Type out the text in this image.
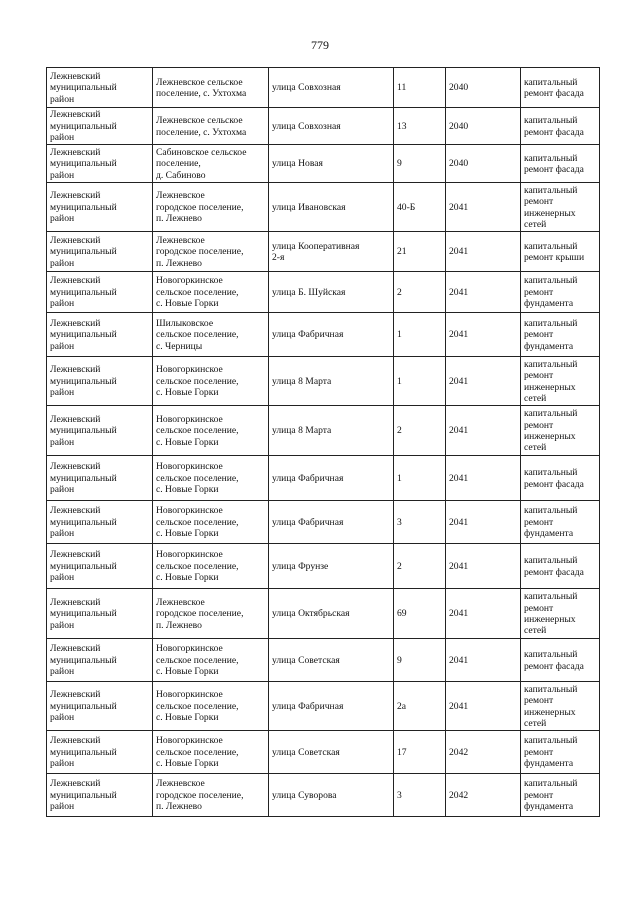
779
Лежневский
муниципальный
район	Лежневское сельское
поселение, с. Ухтохма	улица Совхозная	11	2040	капитальный
ремонт фасада

Лежневский
муниципальный
район	Лежневское сельское
поселение, с. Ухтохма	улица Совхозная	13	2040	капитальный
ремонт фасада

Лежневский
муниципальный
район	Сабиновское сельское
поселение,
д. Сабиново	улица Новая	9	2040	капитальный
ремонт фасада

Лежневский
муниципальный
район	Лежневское
городское поселение,
п. Лежнево	улица Ивановская	40-Б	2041	капитальный
ремонт
инженерных
сетей

Лежневский
муниципальный
район	Лежневское
городское поселение,
п. Лежнево	улица Кооперативная
2-я	21	2041	капитальный
ремонт крыши

Лежневский
муниципальный
район	Новогоркинское
сельское поселение,
с. Новые Горки	улица Б. Шуйская	2	2041	капитальный
ремонт
фундамента

Лежневский
муниципальный
район	Шилыковское
сельское поселение,
с. Черницы	улица Фабричная	1	2041	капитальный
ремонт
фундамента

Лежневский
муниципальный
район	Новогоркинское
сельское поселение,
с. Новые Горки	улица 8 Марта	1	2041	капитальный
ремонт
инженерных
сетей

Лежневский
муниципальный
район	Новогоркинское
сельское поселение,
с. Новые Горки	улица 8 Марта	2	2041	капитальный
ремонт
инженерных
сетей

Лежневский
муниципальный
район	Новогоркинское
сельское поселение,
с. Новые Горки	улица Фабричная	1	2041	капитальный
ремонт фасада

Лежневский
муниципальный
район	Новогоркинское
сельское поселение,
с. Новые Горки	улица Фабричная	3	2041	капитальный
ремонт
фундамента

Лежневский
муниципальный
район	Новогоркинское
сельское поселение,
с. Новые Горки	улица Фрунзе	2	2041	капитальный
ремонт фасада

Лежневский
муниципальный
район	Лежневское
городское поселение,
п. Лежнево	улица Октябрьская	69	2041	капитальный
ремонт
инженерных
сетей

Лежневский
муниципальный
район	Новогоркинское
сельское поселение,
с. Новые Горки	улица Советская	9	2041	капитальный
ремонт фасада

Лежневский
муниципальный
район	Новогоркинское
сельское поселение,
с. Новые Горки	улица Фабричная	2а	2041	капитальный
ремонт
инженерных
сетей

Лежневский
муниципальный
район	Новогоркинское
сельское поселение,
с. Новые Горки	улица Советская	17	2042	капитальный
ремонт
фундамента

Лежневский
муниципальный
район	Лежневское
городское поселение,
п. Лежнево	улица Суворова	3	2042	капитальный
ремонт
фундамента
